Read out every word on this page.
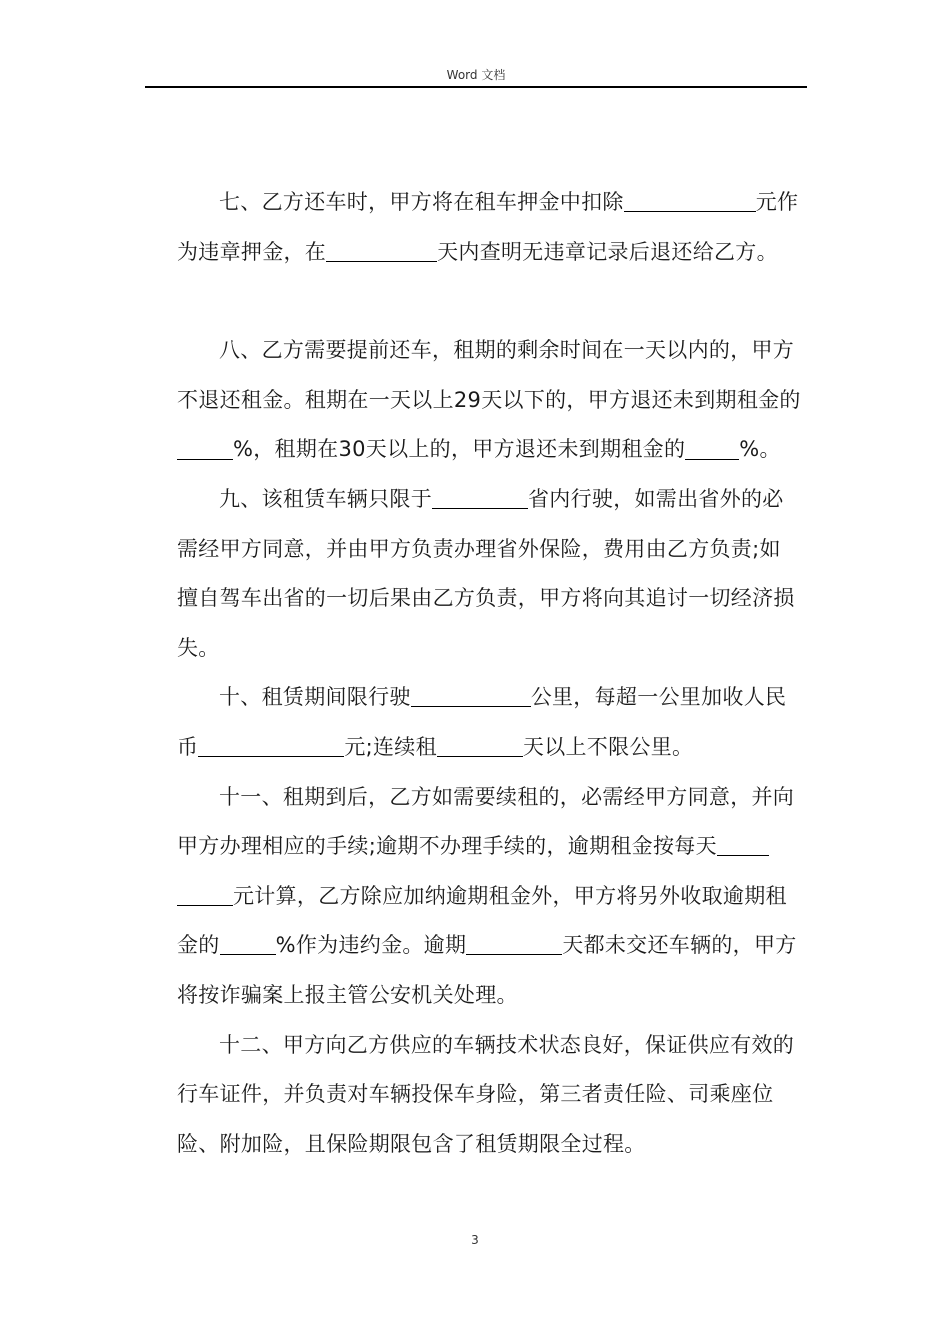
Word 文档

七、乙方还车时，甲方将在租车押金中扣除	元作为违章押金，在	天内查明无违章记录后退还给乙方。

八、乙方需要提前还车，租期的剩余时间在一天以内的，甲方不退还租金。租期在一天以上29天以下的，甲方退还未到期租金的%，租期在30天以上的，甲方退还未到期租金的	%。

九、该租赁车辆只限于	省内行驶，如需出省外的必需经甲方同意，并由甲方负责办理省外保险，费用由乙方负责;如擅自驾车出省的一切后果由乙方负责，甲方将向其追讨一切经济损失。

十、租赁期间限行驶	公里，每超一公里加收人民币	元;连续租	天以上不限公里。

十一、租期到后，乙方如需要续租的，必需经甲方同意，并向甲方办理相应的手续;逾期不办理手续的，逾期租金按每天元计算，乙方除应加纳逾期租金外，甲方将另外收取逾期租金的	%作为违约金。逾期	天都未交还车辆的，甲方将按诈骗案上报主管公安机关处理。

十二、甲方向乙方供应的车辆技术状态良好，保证供应有效的行车证件，并负责对车辆投保车身险，第三者责任险、司乘座位险、附加险，且保险期限包含了租赁期限全过程。

3
